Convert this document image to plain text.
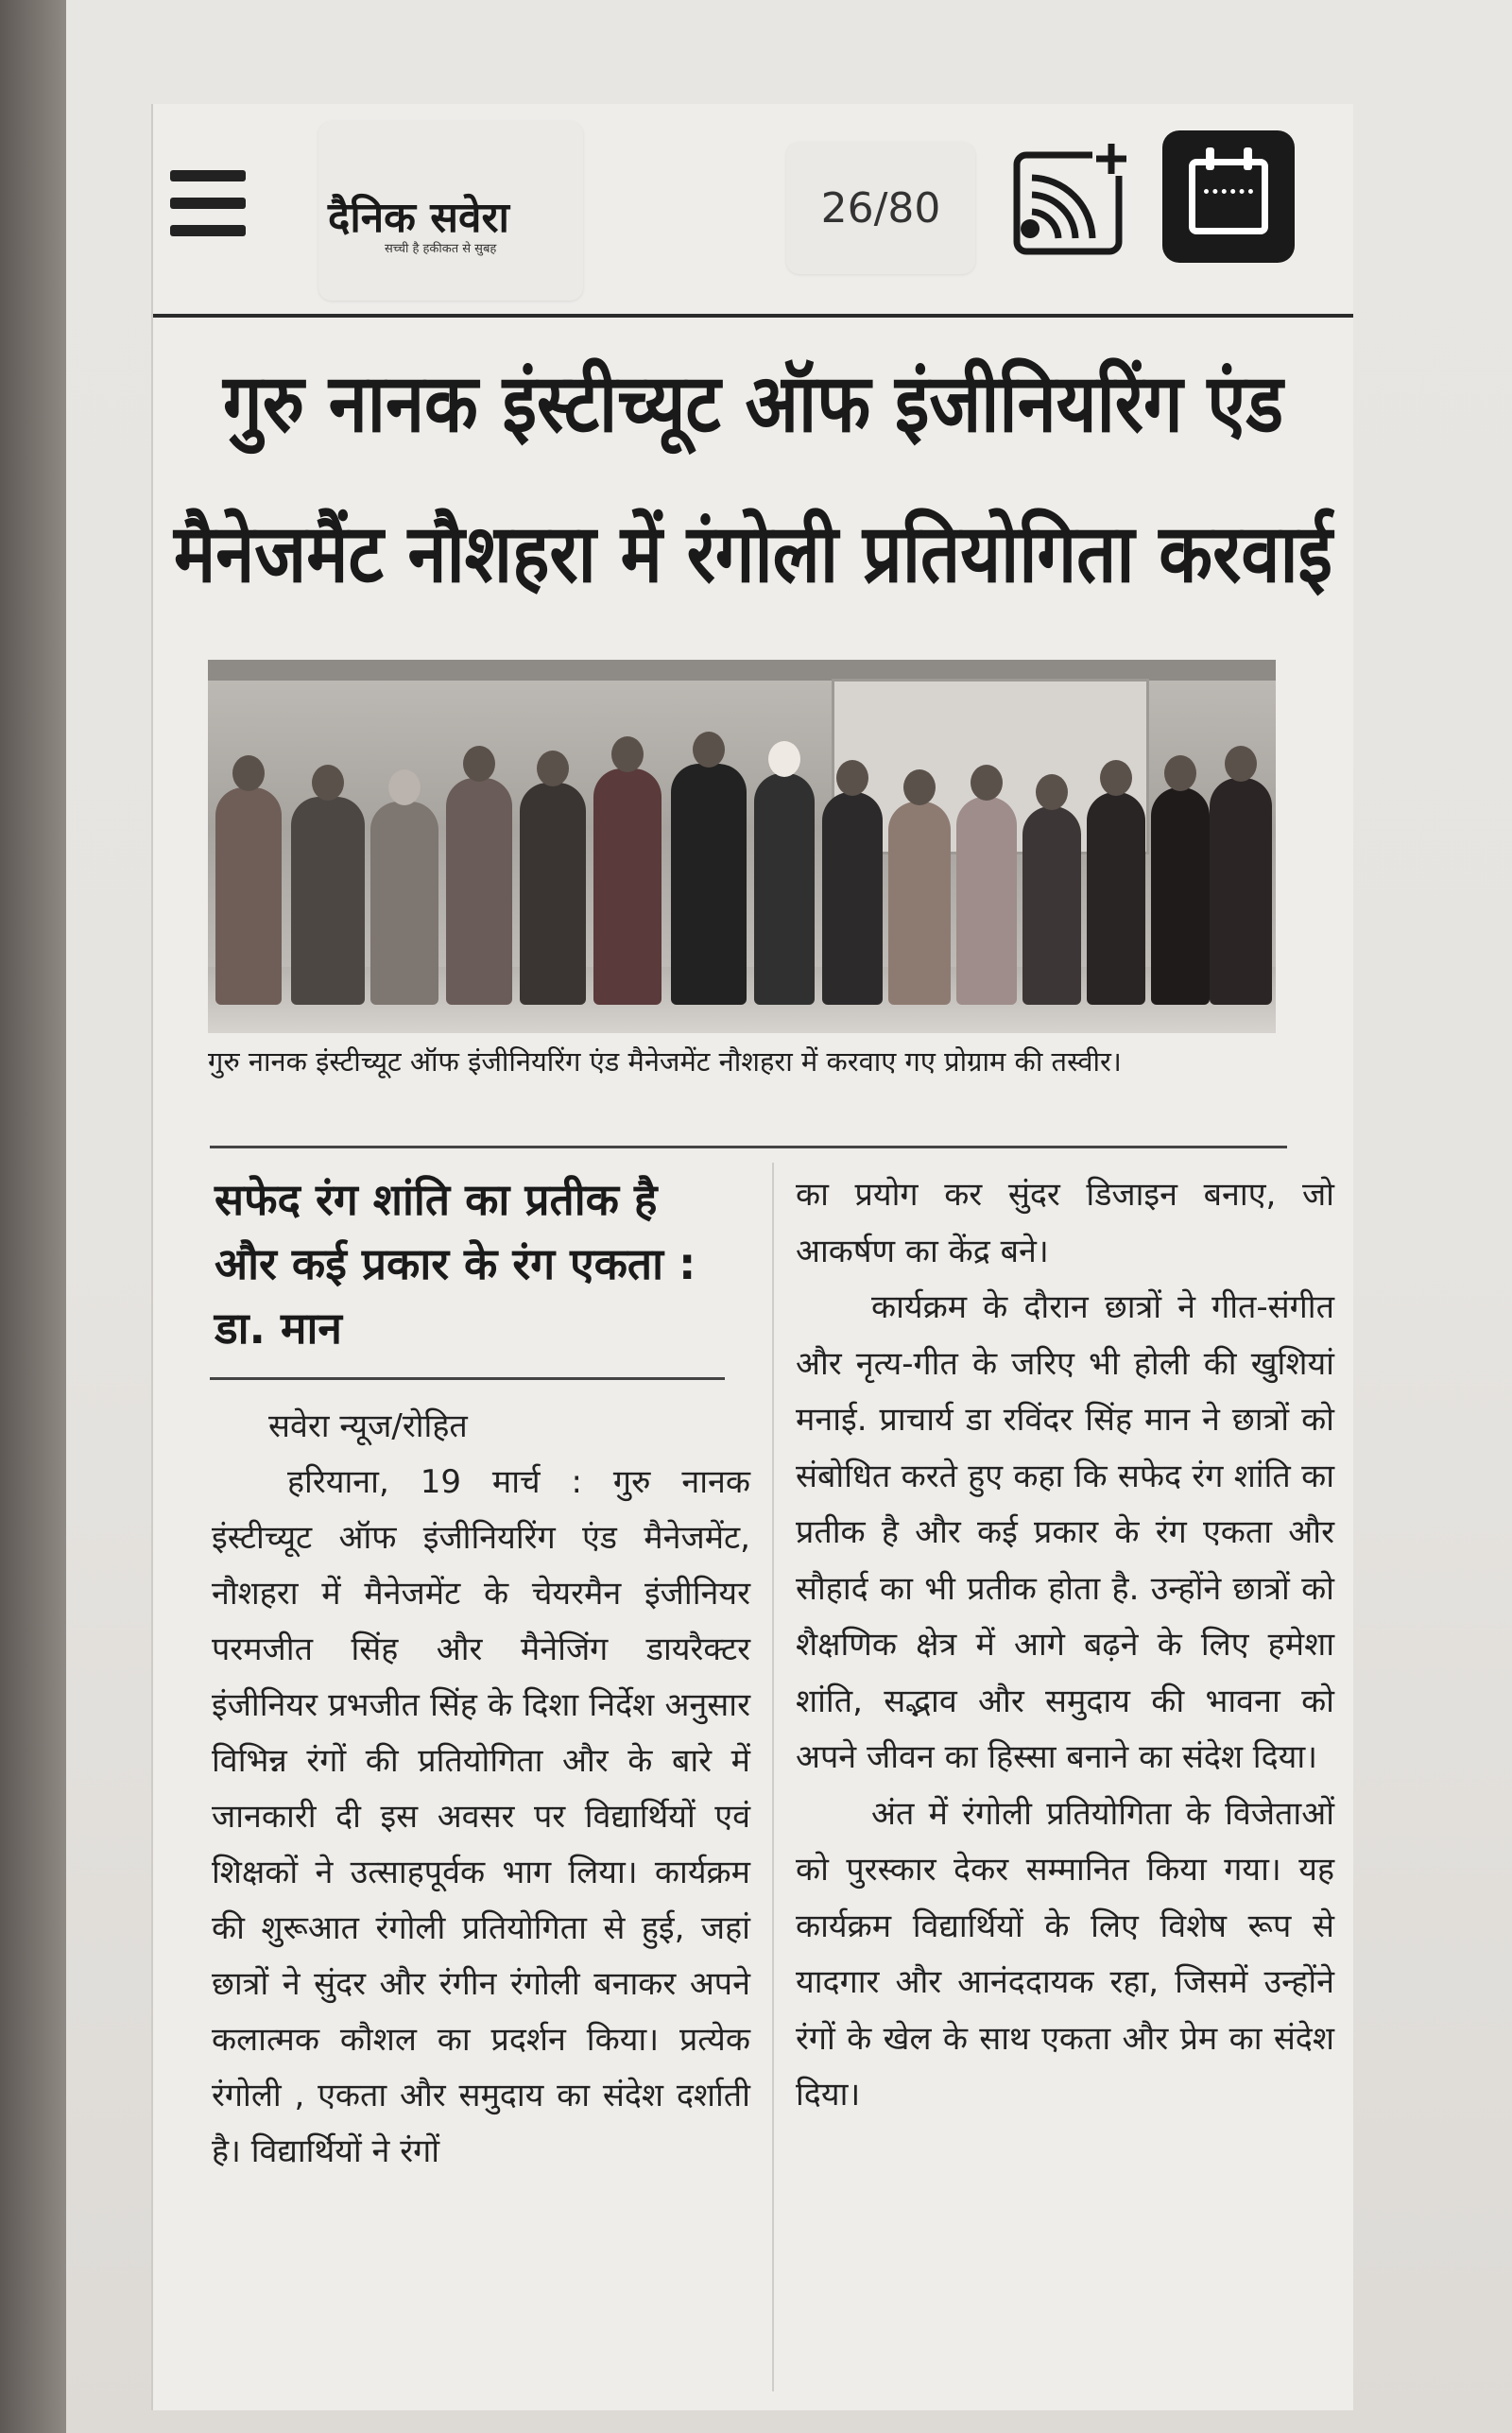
दैनिक सवेरा
सच्ची है हकीकत से सुबह
26/80
गुरु नानक इंस्टीच्यूट ऑफ इंजीनियरिंग एंड मैनेजमैंट नौशहरा में रंगोली प्रतियोगिता करवाई
गुरु नानक इंस्टीच्यूट ऑफ इंजीनियरिंग एंड मैनेजमेंट नौशहरा में करवाए गए प्रोग्राम की तस्वीर।
सफेद रंग शांति का प्रतीक है और कई प्रकार के रंग एकता : डा. मान
सवेरा न्यूज/रोहित
हरियाना, 19 मार्च : गुरु नानक इंस्टीच्यूट ऑफ इंजीनियरिंग एंड मैनेजमेंट, नौशहरा में मैनेजमेंट के चेयरमैन इंजीनियर परमजीत सिंह और मैनेजिंग डायरैक्टर इंजीनियर प्रभजीत सिंह के दिशा निर्देश अनुसार विभिन्न रंगों की प्रतियोगिता और के बारे में जानकारी दी इस अवसर पर विद्यार्थियों एवं शिक्षकों ने उत्साहपूर्वक भाग लिया। कार्यक्रम की शुरूआत रंगोली प्रतियोगिता से हुई, जहां छात्रों ने सुंदर और रंगीन रंगोली बनाकर अपने कलात्मक कौशल का प्रदर्शन किया। प्रत्येक रंगोली , एकता और समुदाय का संदेश दर्शाती है। विद्यार्थियों ने रंगों
का प्रयोग कर सुंदर डिजाइन बनाए, जो आकर्षण का केंद्र बने।
कार्यक्रम के दौरान छात्रों ने गीत-संगीत और नृत्य-गीत के जरिए भी होली की खुशियां मनाई. प्राचार्य डा रविंदर सिंह मान ने छात्रों को संबोधित करते हुए कहा कि सफेद रंग शांति का प्रतीक है और कई प्रकार के रंग एकता और सौहार्द का भी प्रतीक होता है. उन्होंने छात्रों को शैक्षणिक क्षेत्र में आगे बढ़ने के लिए हमेशा शांति, सद्भाव और समुदाय की भावना को अपने जीवन का हिस्सा बनाने का संदेश दिया।
अंत में रंगोली प्रतियोगिता के विजेताओं को पुरस्कार देकर सम्मानित किया गया। यह कार्यक्रम विद्यार्थियों के लिए विशेष रूप से यादगार और आनंददायक रहा, जिसमें उन्होंने रंगों के खेल के साथ एकता और प्रेम का संदेश दिया।
